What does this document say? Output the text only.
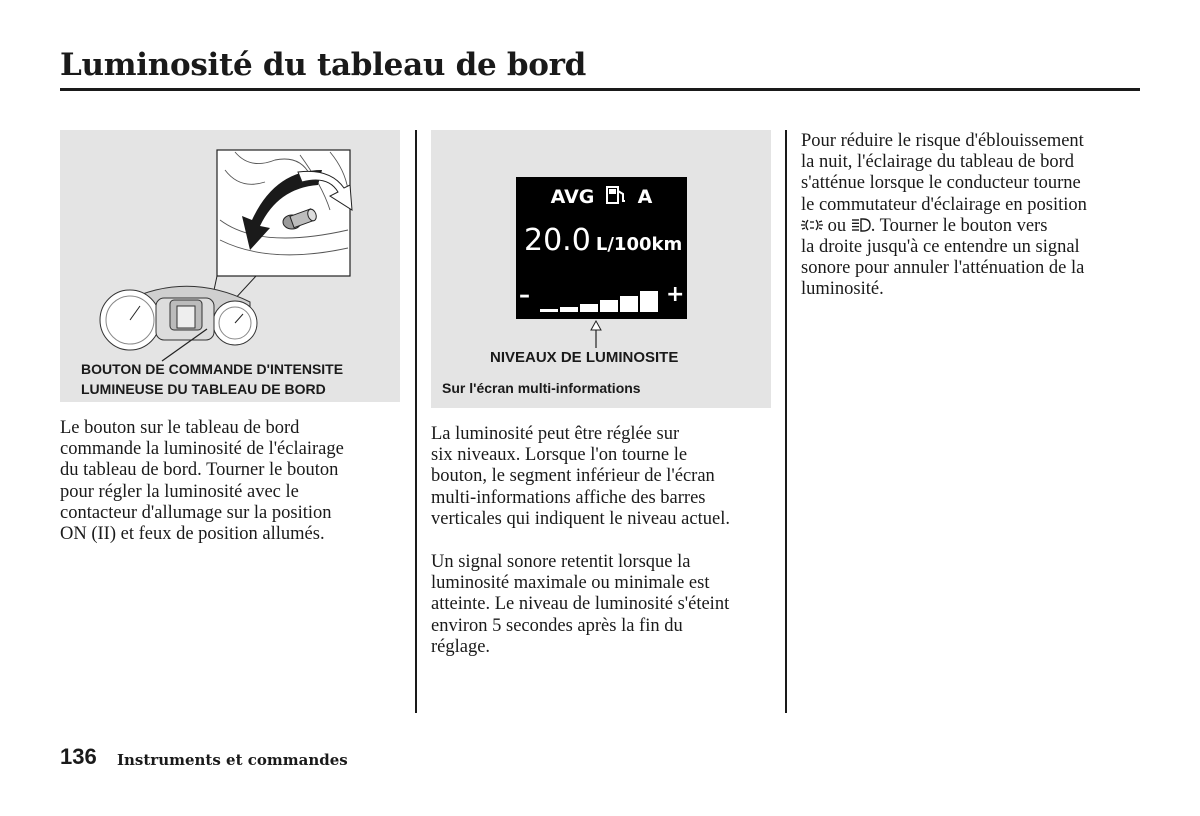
Luminosité du tableau de bord
BOUTON DE COMMANDE D'INTENSITE
LUMINEUSE DU TABLEAU DE BORD
AVG A
20.0 L/100km
–	+
NIVEAUX DE LUMINOSITE
Sur l'écran multi-informations

Le bouton sur le tableau de bord

commande la luminosité de l'éclairage

du tableau de bord. Tourner le bouton

pour régler la luminosité avec le

contacteur d'allumage sur la position

ON (II) et feux de position allumés.

La luminosité peut être réglée sur

six niveaux. Lorsque l'on tourne le

bouton, le segment inférieur de l'écran

multi-informations affiche des barres

verticales qui indiquent le niveau actuel.

Un signal sonore retentit lorsque la

luminosité maximale ou minimale est

atteinte. Le niveau de luminosité s'éteint

environ 5 secondes après la fin du

réglage.

Pour réduire le risque d'éblouissement

la nuit, l'éclairage du tableau de bord

s'atténue lorsque le conducteur tourne

le commutateur d'éclairage en position

ou . Tourner le bouton vers

la droite jusqu'à ce entendre un signal

sonore pour annuler l'atténuation de la

luminosité.

136 Instruments et commandes
